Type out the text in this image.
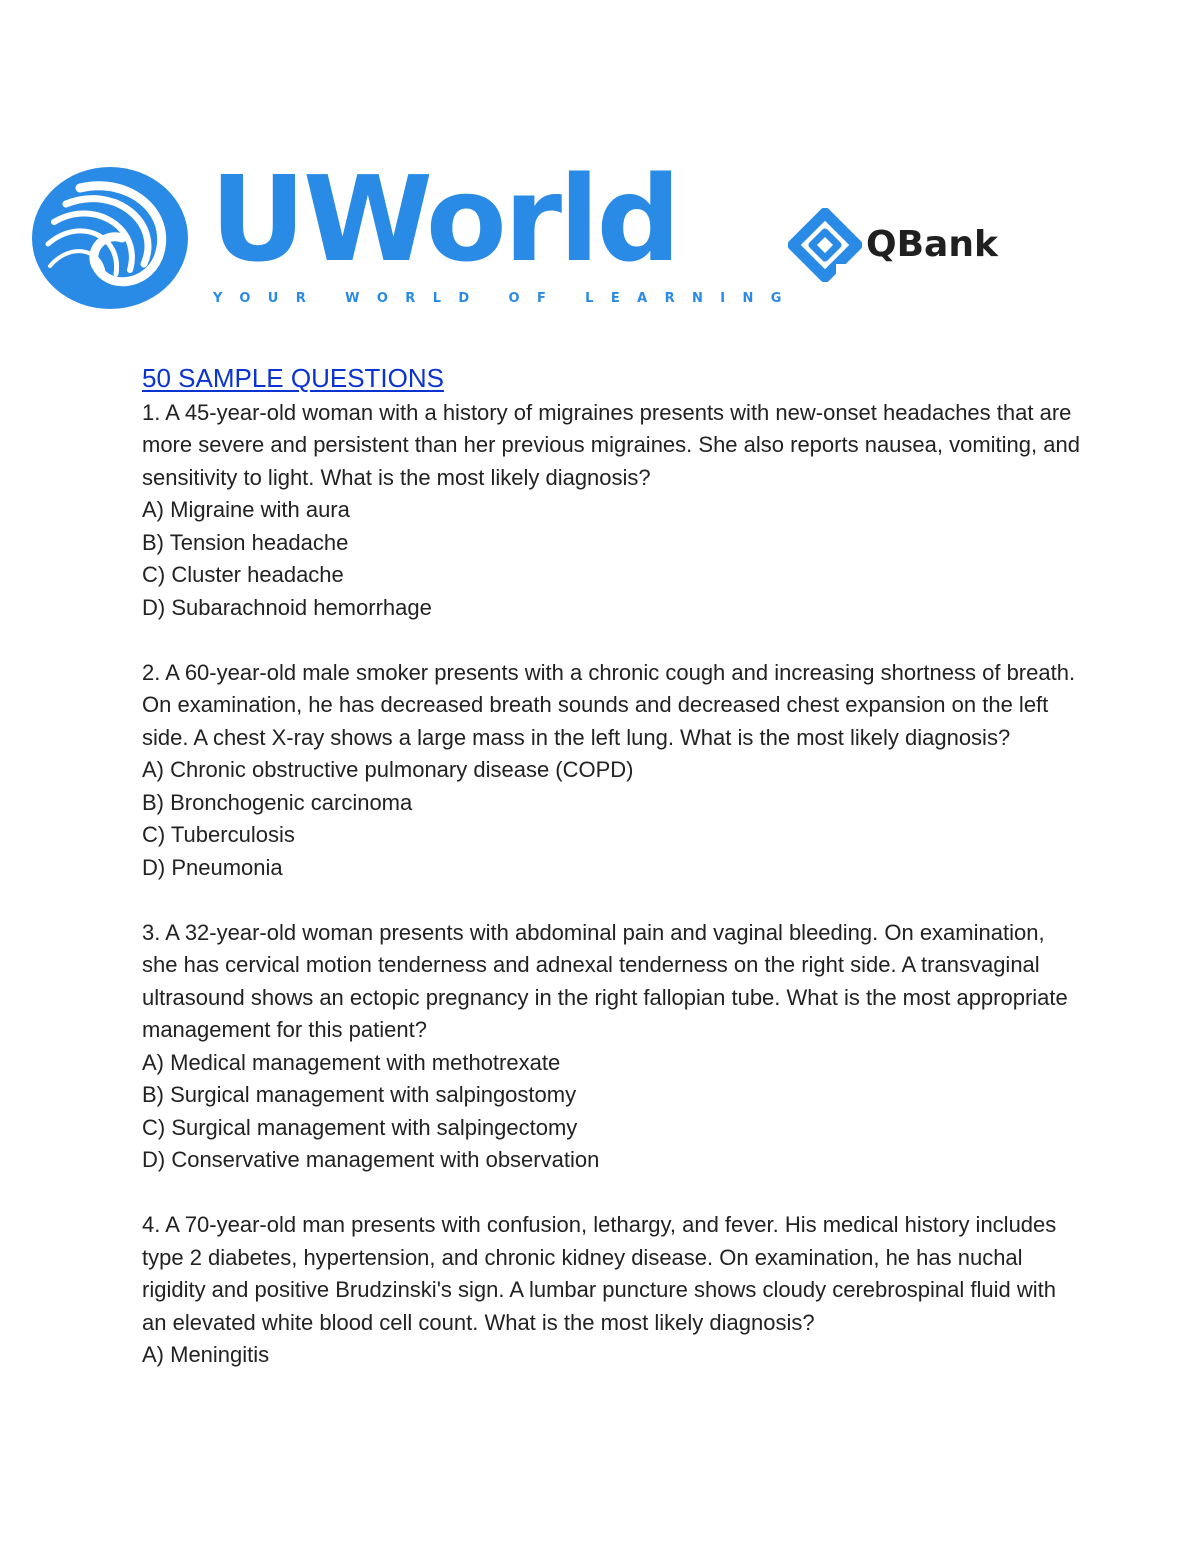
UWorld
YOUR WORLD OF LEARNING
QBank
50 SAMPLE QUESTIONS

1. A 45-year-old woman with a history of migraines presents with new-onset headaches that are more severe and persistent than her previous migraines. She also reports nausea, vomiting, and sensitivity to light. What is the most likely diagnosis?

A) Migraine with aura
B) Tension headache
C) Cluster headache
D) Subarachnoid hemorrhage

2. A 60-year-old male smoker presents with a chronic cough and increasing shortness of breath. On examination, he has decreased breath sounds and decreased chest expansion on the left side. A chest X-ray shows a large mass in the left lung. What is the most likely diagnosis?

A) Chronic obstructive pulmonary disease (COPD)
B) Bronchogenic carcinoma
C) Tuberculosis
D) Pneumonia

3. A 32-year-old woman presents with abdominal pain and vaginal bleeding. On examination, she has cervical motion tenderness and adnexal tenderness on the right side. A transvaginal ultrasound shows an ectopic pregnancy in the right fallopian tube. What is the most appropriate management for this patient?

A) Medical management with methotrexate
B) Surgical management with salpingostomy
C) Surgical management with salpingectomy
D) Conservative management with observation

4. A 70-year-old man presents with confusion, lethargy, and fever. His medical history includes type 2 diabetes, hypertension, and chronic kidney disease. On examination, he has nuchal rigidity and positive Brudzinski's sign. A lumbar puncture shows cloudy cerebrospinal fluid with an elevated white blood cell count. What is the most likely diagnosis?

A) Meningitis
